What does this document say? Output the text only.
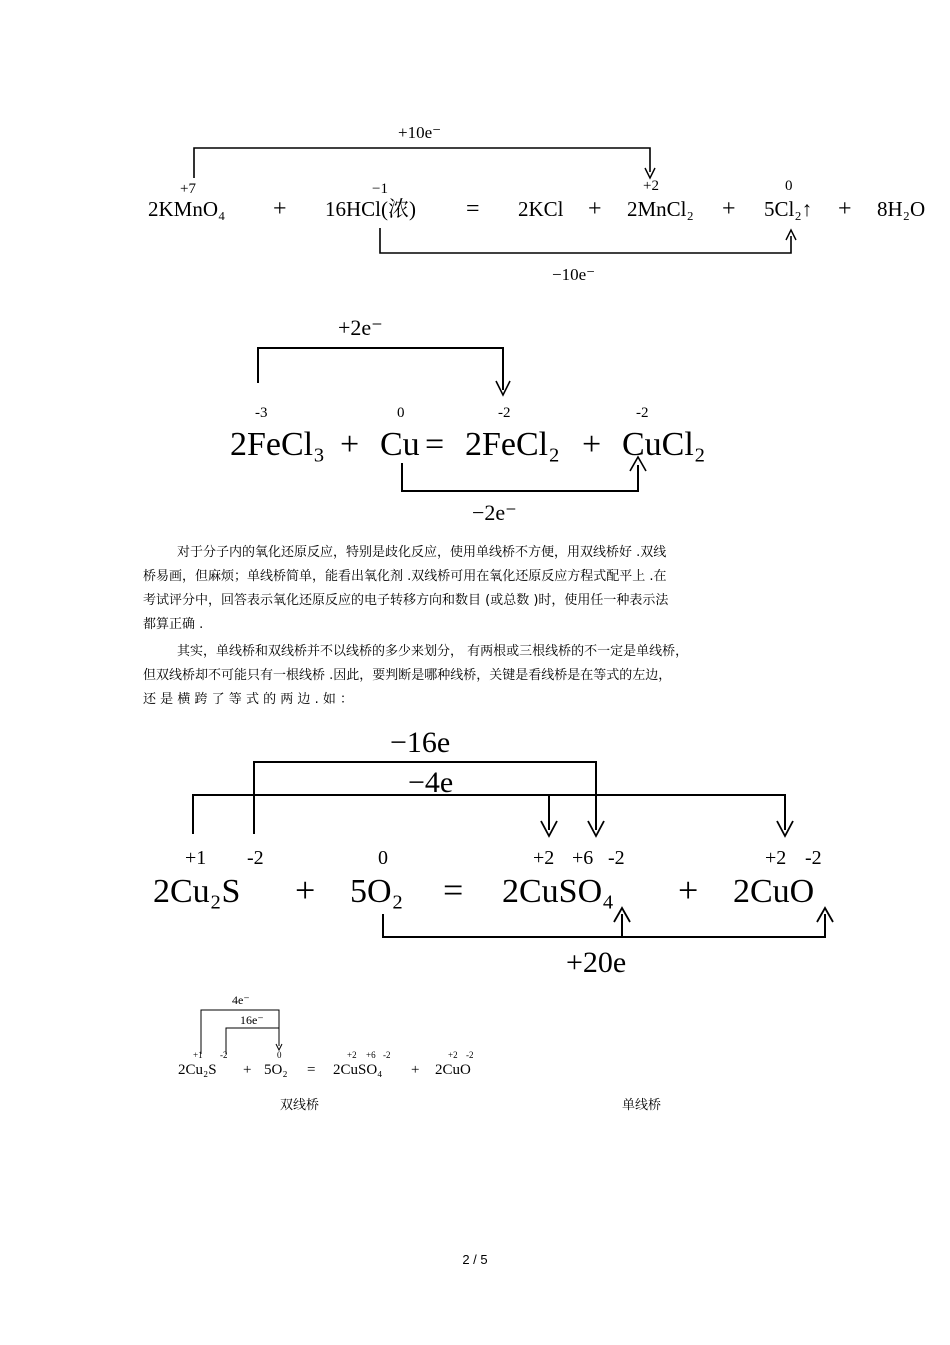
+10e⁻
+7	−1	+2	0
2KMnO₄ + 16HCl(浓) = 2KCl + 2MnCl₂ + 5Cl₂↑ + 8H₂O
−10e⁻
+2e⁻
-3	0	-2	-2
2FeCl₃ + Cu = 2FeCl₂ + CuCl₂
−2e⁻
对于分子内的氧化还原反应，特别是歧化反应，使用单线桥不方便，用双线桥好 .双线
桥易画，但麻烦；单线桥简单，能看出氧化剂 .双线桥可用在氧化还原反应方程式配平上 .在
考试评分中，回答表示氧化还原反应的电子转移方向和数目 (或总数 )时，使用任一种表示法
都算正确 .
其实，单线桥和双线桥并不以线桥的多少来划分， 有两根或三根线桥的不一定是单线桥，
但双线桥却不可能只有一根线桥 .因此，要判断是哪种线桥，关键是看线桥是在等式的左边，
还 是 横 跨 了 等 式 的 两 边 . 如 ：
−16e
−4e
+1 -2	0	+2 +6 -2	+2 -2
2Cu₂S + 5O₂ = 2CuSO₄ + 2CuO
+20e
4e⁻
16e⁻
+1 -2	0	+2 +6 -2	+2 -2
2Cu₂S + 5O₂ = 2CuSO₄ + 2CuO
双线桥	单线桥
2 / 5
